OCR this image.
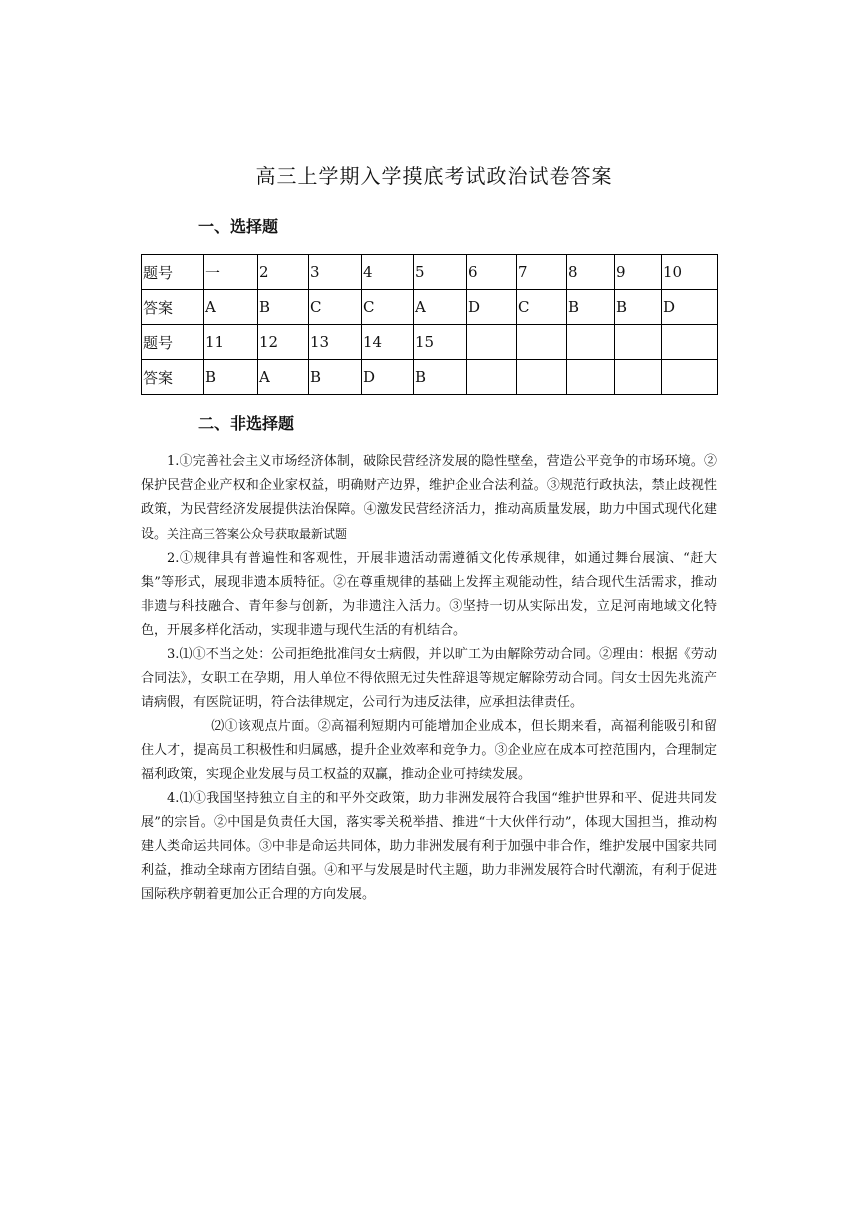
高三上学期入学摸底考试政治试卷答案
一、选择题
题号	一	2	3	4	5	6	7	8	9	10
答案	A	B	C	C	A	D	C	B	B	D
题号	11	12	13	14	15					
答案	B	A	B	D	B					
二、非选择题

1.①完善社会主义市场经济体制，破除民营经济发展的隐性壁垒，营造公平竞争的市场环境。②保护民营企业产权和企业家权益，明确财产边界，维护企业合法利益。③规范行政执法，禁止歧视性政策，为民营经济发展提供法治保障。④激发民营经济活力，推动高质量发展，助力中国式现代化建设。关注高三答案公众号获取最新试题

2.①规律具有普遍性和客观性，开展非遗活动需遵循文化传承规律，如通过舞台展演、“赶大集”等形式，展现非遗本质特征。②在尊重规律的基础上发挥主观能动性，结合现代生活需求，推动非遗与科技融合、青年参与创新，为非遗注入活力。③坚持一切从实际出发，立足河南地域文化特色，开展多样化活动，实现非遗与现代生活的有机结合。

3.⑴①不当之处：公司拒绝批准闫女士病假，并以旷工为由解除劳动合同。②理由：根据《劳动合同法》，女职工在孕期，用人单位不得依照无过失性辞退等规定解除劳动合同。闫女士因先兆流产请病假，有医院证明，符合法律规定，公司行为违反法律，应承担法律责任。

⑵①该观点片面。②高福利短期内可能增加企业成本，但长期来看，高福利能吸引和留住人才，提高员工积极性和归属感，提升企业效率和竞争力。③企业应在成本可控范围内，合理制定福利政策，实现企业发展与员工权益的双赢，推动企业可持续发展。

4.⑴①我国坚持独立自主的和平外交政策，助力非洲发展符合我国“维护世界和平、促进共同发展”的宗旨。②中国是负责任大国，落实零关税举措、推进“十大伙伴行动”，体现大国担当，推动构建人类命运共同体。③中非是命运共同体，助力非洲发展有利于加强中非合作，维护发展中国家共同利益，推动全球南方团结自强。④和平与发展是时代主题，助力非洲发展符合时代潮流，有利于促进国际秩序朝着更加公正合理的方向发展。
